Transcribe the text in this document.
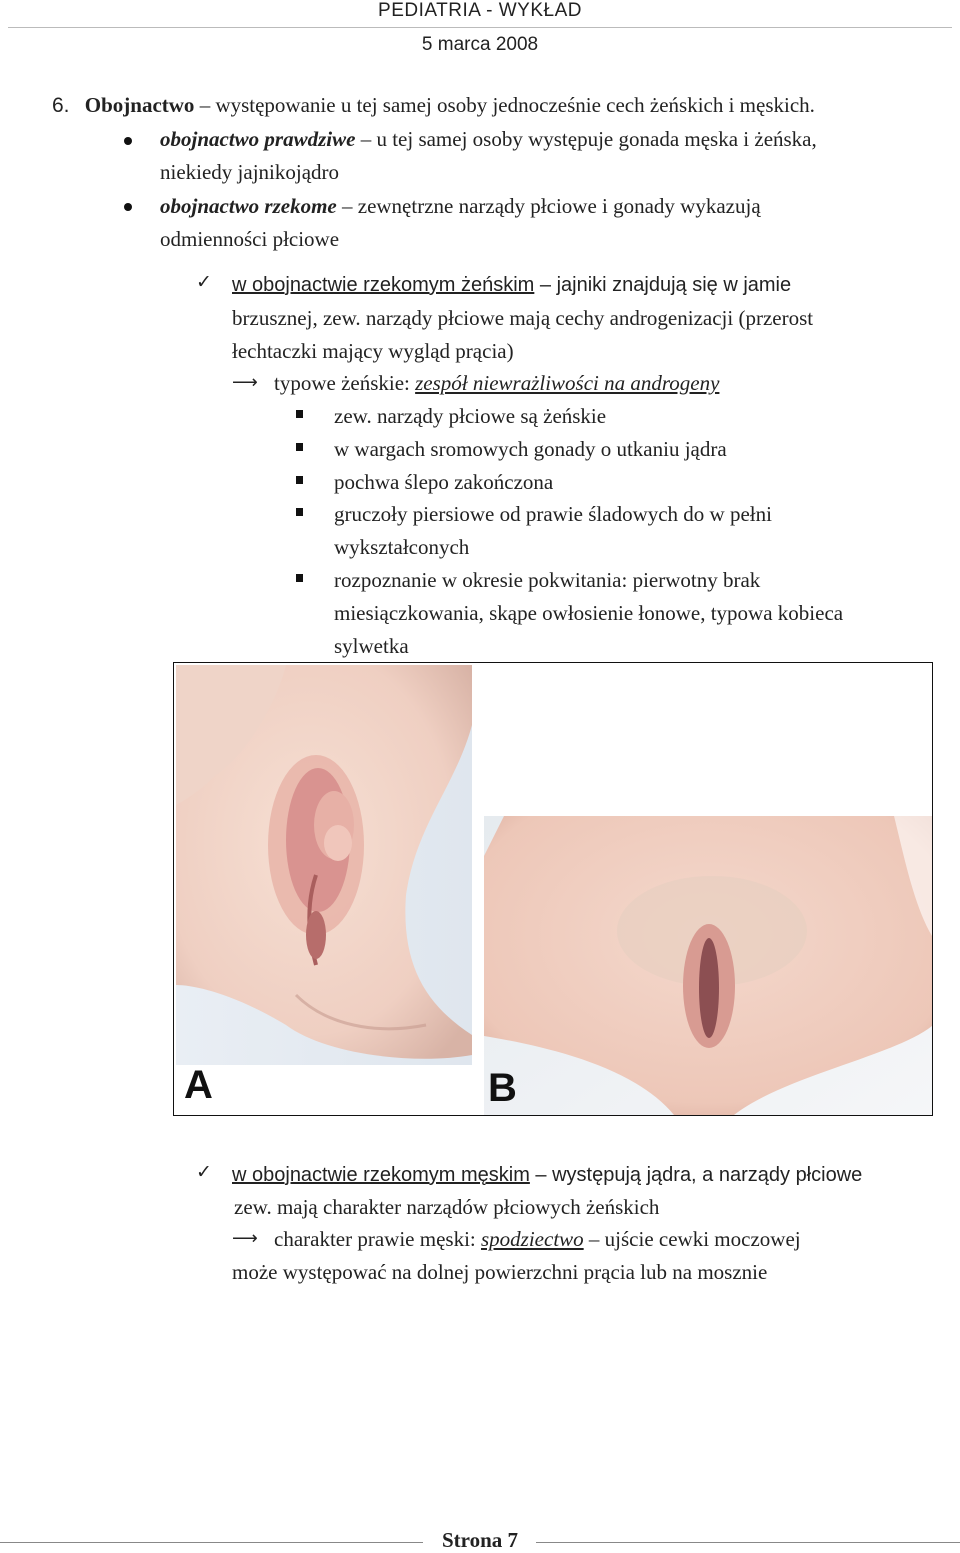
PEDIATRIA - WYKŁAD
5 marca 2008
6. Obojnactwo – występowanie u tej samej osoby jednocześnie cech żeńskich i męskich.
obojnactwo prawdziwe – u tej samej osoby występuje gonada męska i żeńska,
niekiedy jajnikojądro
obojnactwo rzekome – zewnętrzne narządy płciowe i gonady wykazują
odmienności płciowe
✓ w obojnactwie rzekomym żeńskim – jajniki znajdują się w jamie
brzusznej, zew. narządy płciowe mają cechy androgenizacji (przerost
łechtaczki mający wygląd prącia)
⟶ typowe żeńskie: zespół niewrażliwości na androgeny
zew. narządy płciowe są żeńskie
w wargach sromowych gonady o utkaniu jądra
pochwa ślepo zakończona
gruczoły piersiowe od prawie śladowych do w pełni
wykształconych
rozpoznanie w okresie pokwitania: pierwotny brak
miesiączkowania, skąpe owłosienie łonowe, typowa kobieca
sylwetka
A	B
✓ w obojnactwie rzekomym męskim – występują jądra, a narządy płciowe
zew. mają charakter narządów płciowych żeńskich
⟶ charakter prawie męski: spodziectwo – ujście cewki moczowej
może występować na dolnej powierzchni prącia lub na mosznie
Strona 7
